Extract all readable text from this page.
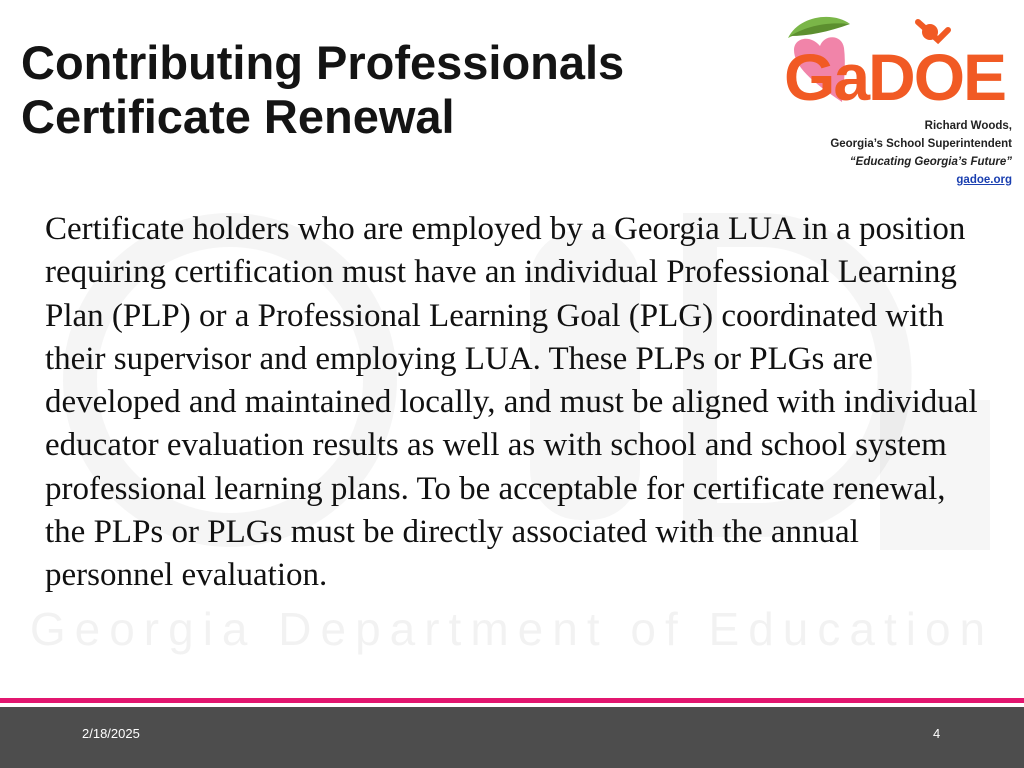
Georgia Department of Education
Contributing Professionals
Certificate Renewal
GaDOE
Richard Woods,
Georgia’s School Superintendent
“Educating Georgia’s Future”
gadoe.org

Certificate holders who are employed by a Georgia LUA in a position requiring certification must have an individual Professional Learning Plan (PLP) or a Professional Learning Goal (PLG) coordinated with their supervisor and employing LUA. These PLPs or PLGs are developed and maintained locally, and must be aligned with individual educator evaluation results as well as with school and school system professional learning plans. To be acceptable for certificate renewal, the PLPs or PLGs must be directly associated with the annual personnel evaluation.

2/18/2025	4
